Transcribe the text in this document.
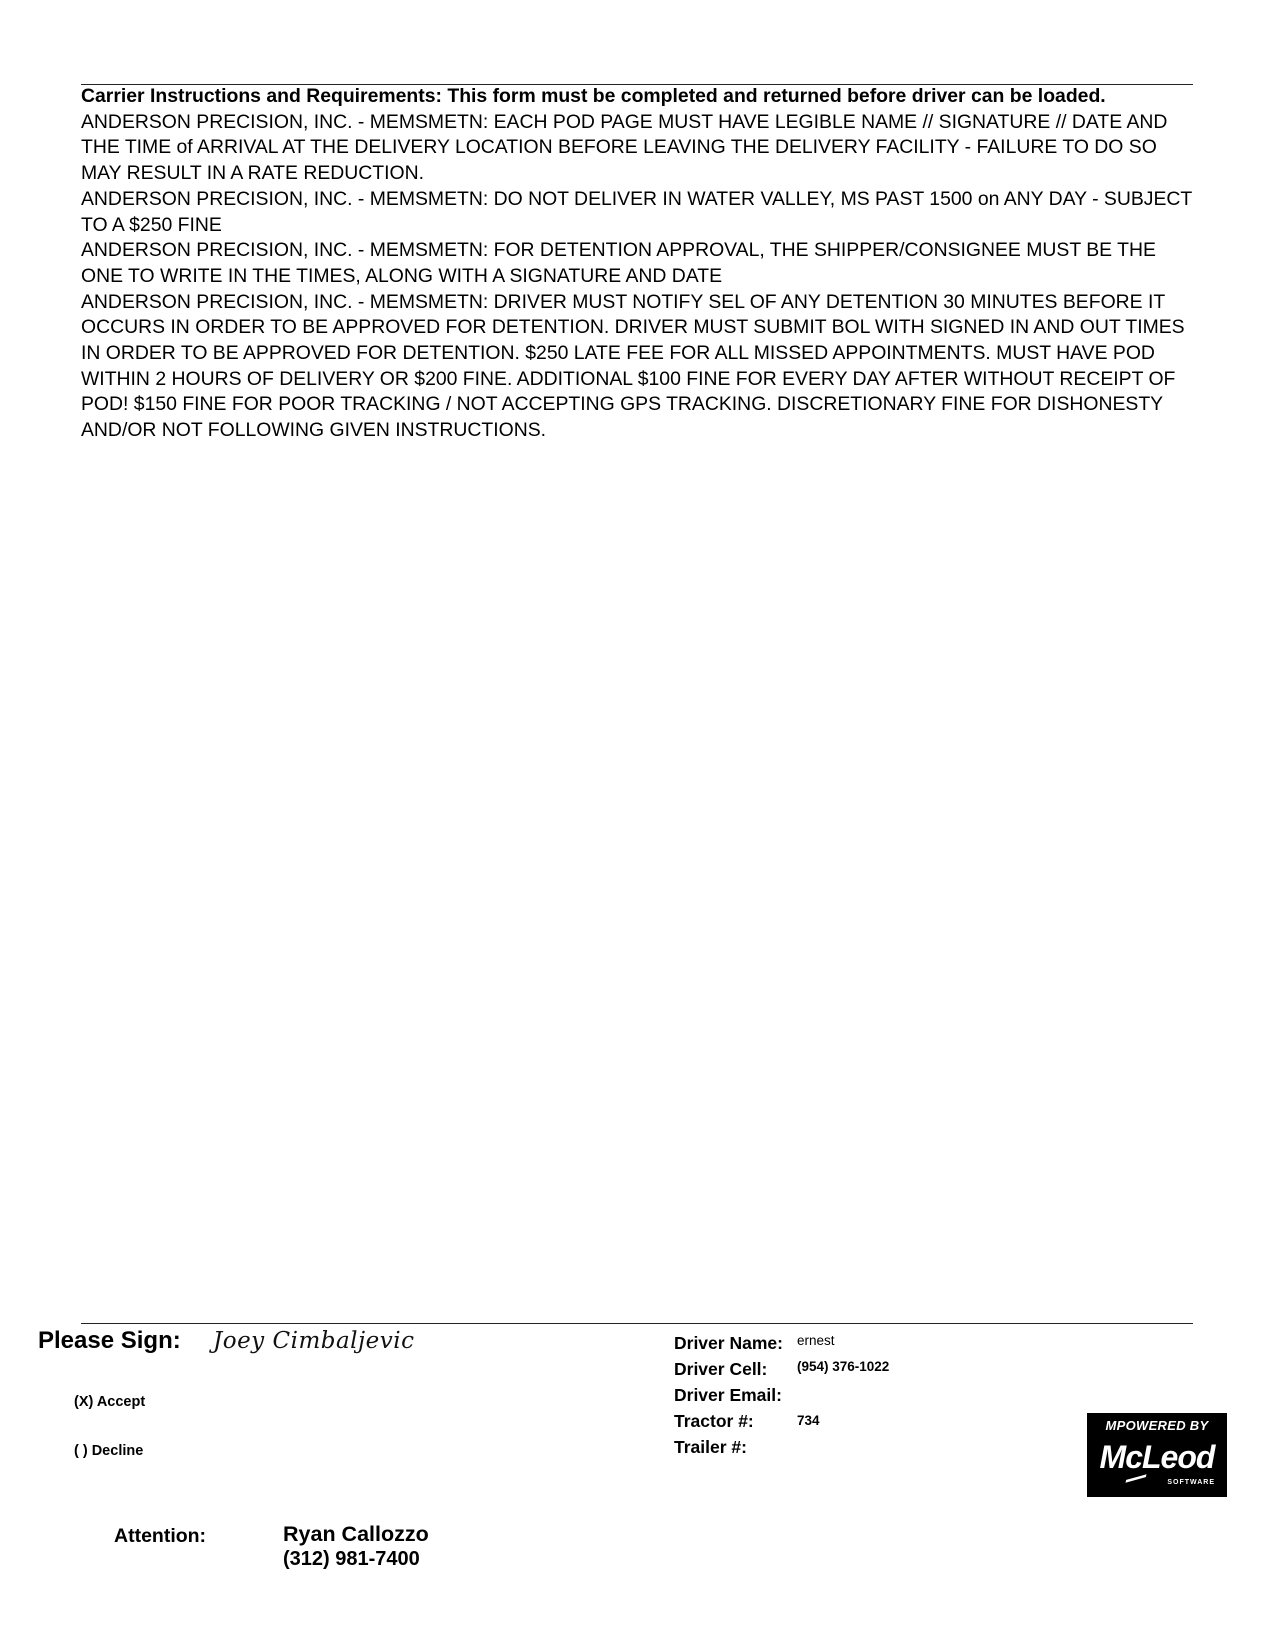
Carrier Instructions and Requirements: This form must be completed and returned before driver can be loaded.

ANDERSON PRECISION, INC. - MEMSMETN: EACH POD PAGE MUST HAVE LEGIBLE NAME // SIGNATURE // DATE AND THE TIME of ARRIVAL AT THE DELIVERY LOCATION BEFORE LEAVING THE DELIVERY FACILITY - FAILURE TO DO SO MAY RESULT IN A RATE REDUCTION.

ANDERSON PRECISION, INC. - MEMSMETN: DO NOT DELIVER IN WATER VALLEY, MS PAST 1500 on ANY DAY - SUBJECT TO A $250 FINE

ANDERSON PRECISION, INC. - MEMSMETN: FOR DETENTION APPROVAL, THE SHIPPER/CONSIGNEE MUST BE THE ONE TO WRITE IN THE TIMES, ALONG WITH A SIGNATURE AND DATE

ANDERSON PRECISION, INC. - MEMSMETN: DRIVER MUST NOTIFY SEL OF ANY DETENTION 30 MINUTES BEFORE IT OCCURS IN ORDER TO BE APPROVED FOR DETENTION. DRIVER MUST SUBMIT BOL WITH SIGNED IN AND OUT TIMES IN ORDER TO BE APPROVED FOR DETENTION. $250 LATE FEE FOR ALL MISSED APPOINTMENTS. MUST HAVE POD WITHIN 2 HOURS OF DELIVERY OR $200 FINE. ADDITIONAL $100 FINE FOR EVERY DAY AFTER WITHOUT RECEIPT OF POD! $150 FINE FOR POOR TRACKING / NOT ACCEPTING GPS TRACKING. DISCRETIONARY FINE FOR DISHONESTY AND/OR NOT FOLLOWING GIVEN INSTRUCTIONS.

Please Sign: Joey Cimbaljevic
(X) Accept
( ) Decline
Driver Name: ernest
Driver Cell: (954) 376-1022
Driver Email:
Tractor #:	734
Trailer #:
MPOWERED BY
McLeod
SOFTWARE
Attention:	Ryan Callozzo
(312) 981-7400
